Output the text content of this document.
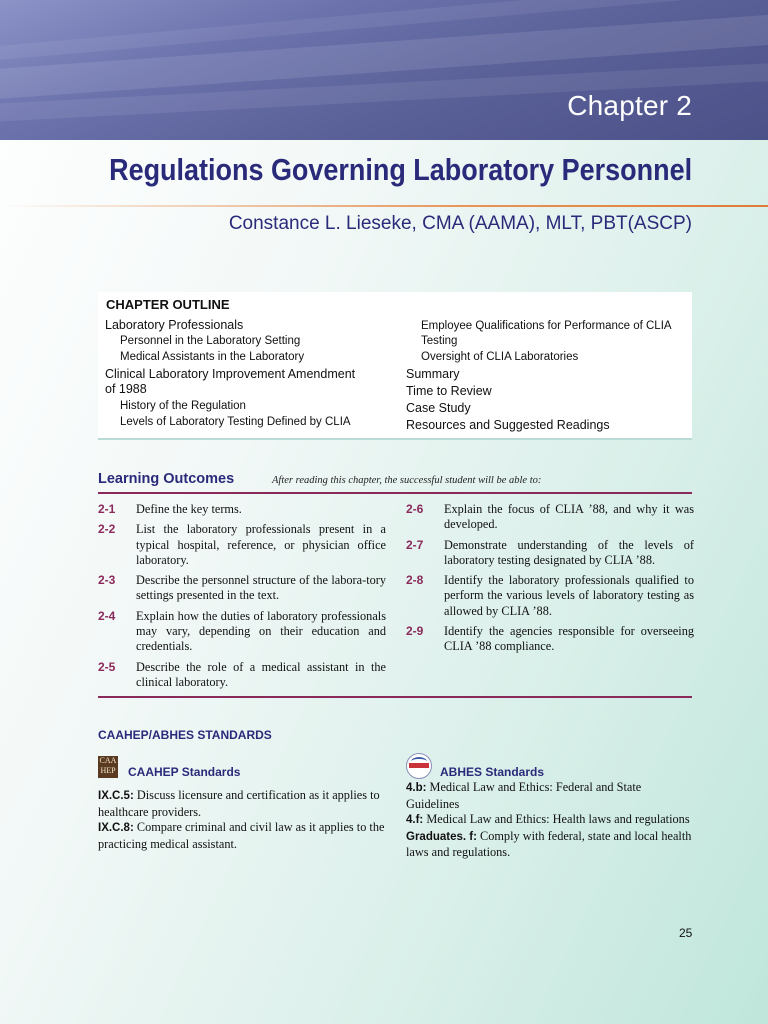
Chapter 2
Regulations Governing Laboratory Personnel
Constance L. Lieseke, CMA (AAMA), MLT, PBT(ASCP)
CHAPTER OUTLINE
Laboratory Professionals
Personnel in the Laboratory Setting
Medical Assistants in the Laboratory
Clinical Laboratory Improvement Amendment of 1988
History of the Regulation
Levels of Laboratory Testing Defined by CLIA
Employee Qualifications for Performance of CLIA Testing
Oversight of CLIA Laboratories
Summary
Time to Review
Case Study
Resources and Suggested Readings
Learning Outcomes	After reading this chapter, the successful student will be able to:
2-1	Define the key terms.
2-2	List the laboratory professionals present in a typical hospital, reference, or physician office laboratory.
2-3	Describe the personnel structure of the labora-tory settings presented in the text.
2-4	Explain how the duties of laboratory professionals may vary, depending on their education and credentials.
2-5	Describe the role of a medical assistant in the clinical laboratory.
2-6	Explain the focus of CLIA ’88, and why it was developed.
2-7	Demonstrate understanding of the levels of laboratory testing designated by CLIA ’88.
2-8	Identify the laboratory professionals qualified to perform the various levels of laboratory testing as allowed by CLIA ’88.
2-9	Identify the agencies responsible for overseeing CLIA ’88 compliance.
CAAHEP/ABHES STANDARDS
CAA
HEP CAAHEP Standards
IX.C.5: Discuss licensure and certification as it applies to healthcare providers.
IX.C.8: Compare criminal and civil law as it applies to the practicing medical assistant.
ABHES Standards
4.b: Medical Law and Ethics: Federal and State Guidelines
4.f: Medical Law and Ethics: Health laws and regulations
Graduates. f: Comply with federal, state and local health laws and regulations.
25
